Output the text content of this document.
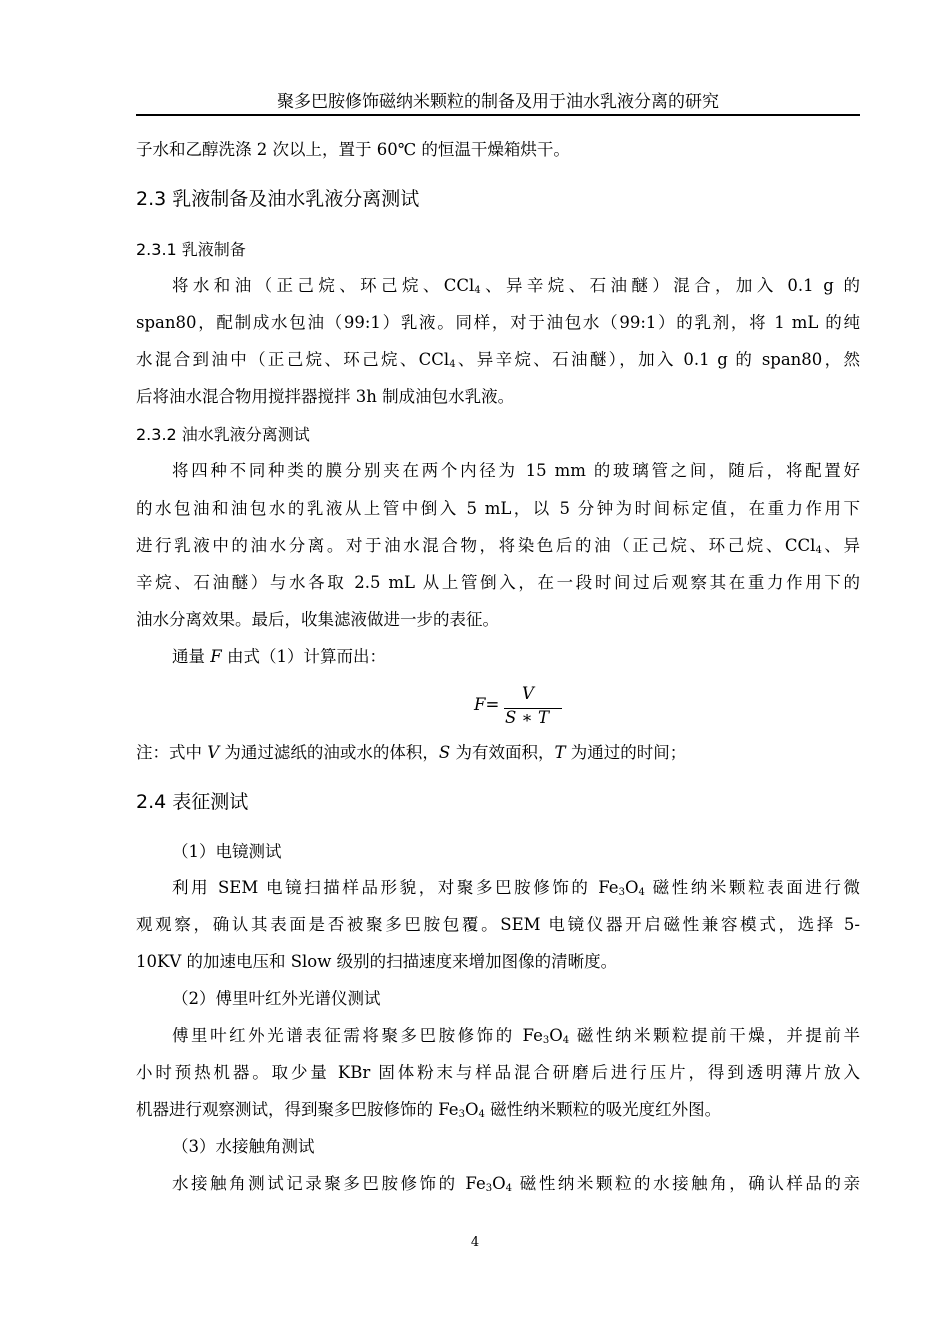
聚多巴胺修饰磁纳米颗粒的制备及用于油水乳液分离的研究
子水和乙醇洗涤 2 次以上，置于 60℃ 的恒温干燥箱烘干。
2.3 乳液制备及油水乳液分离测试
2.3.1 乳液制备
将水和油（正己烷、环己烷、CCl$_4$、异辛烷、石油醚）混合，加入 0.1 g 的
span80，配制成水包油（99:1）乳液。同样，对于油包水（99:1）的乳剂，将 1 mL 的纯
水混合到油中（正己烷、环己烷、CCl$_4$、异辛烷、石油醚），加入 0.1 g 的 span80，然
后将油水混合物用搅拌器搅拌 3h 制成油包水乳液。
2.3.2 油水乳液分离测试
将四种不同种类的膜分别夹在两个内径为 15 mm 的玻璃管之间，随后，将配置好
的水包油和油包水的乳液从上管中倒入 5 mL，以 5 分钟为时间标定值，在重力作用下
进行乳液中的油水分离。对于油水混合物，将染色后的油（正己烷、环己烷、CCl$_4$、异
辛烷、石油醚）与水各取 2.5 mL 从上管倒入，在一段时间过后观察其在重力作用下的
油水分离效果。最后，收集滤液做进一步的表征。
通量 F 由式（1）计算而出：
F=
V
S ∗ T
注：式中 V 为通过滤纸的油或水的体积，S 为有效面积，T 为通过的时间；
2.4 表征测试
（1）电镜测试
利用 SEM 电镜扫描样品形貌，对聚多巴胺修饰的 $Fe_3O_4$ 磁性纳米颗粒表面进行微
观观察，确认其表面是否被聚多巴胺包覆。SEM 电镜仪器开启磁性兼容模式，选择 5-
10KV 的加速电压和 Slow 级别的扫描速度来增加图像的清晰度。
（2）傅里叶红外光谱仪测试
傅里叶红外光谱表征需将聚多巴胺修饰的 $Fe_3O_4$ 磁性纳米颗粒提前干燥，并提前半
小时预热机器。取少量 KBr 固体粉末与样品混合研磨后进行压片，得到透明薄片放入
机器进行观察测试，得到聚多巴胺修饰的 $Fe_3O_4$ 磁性纳米颗粒的吸光度红外图。
（3）水接触角测试
水接触角测试记录聚多巴胺修饰的 $Fe_3O_4$ 磁性纳米颗粒的水接触角，确认样品的亲
4
